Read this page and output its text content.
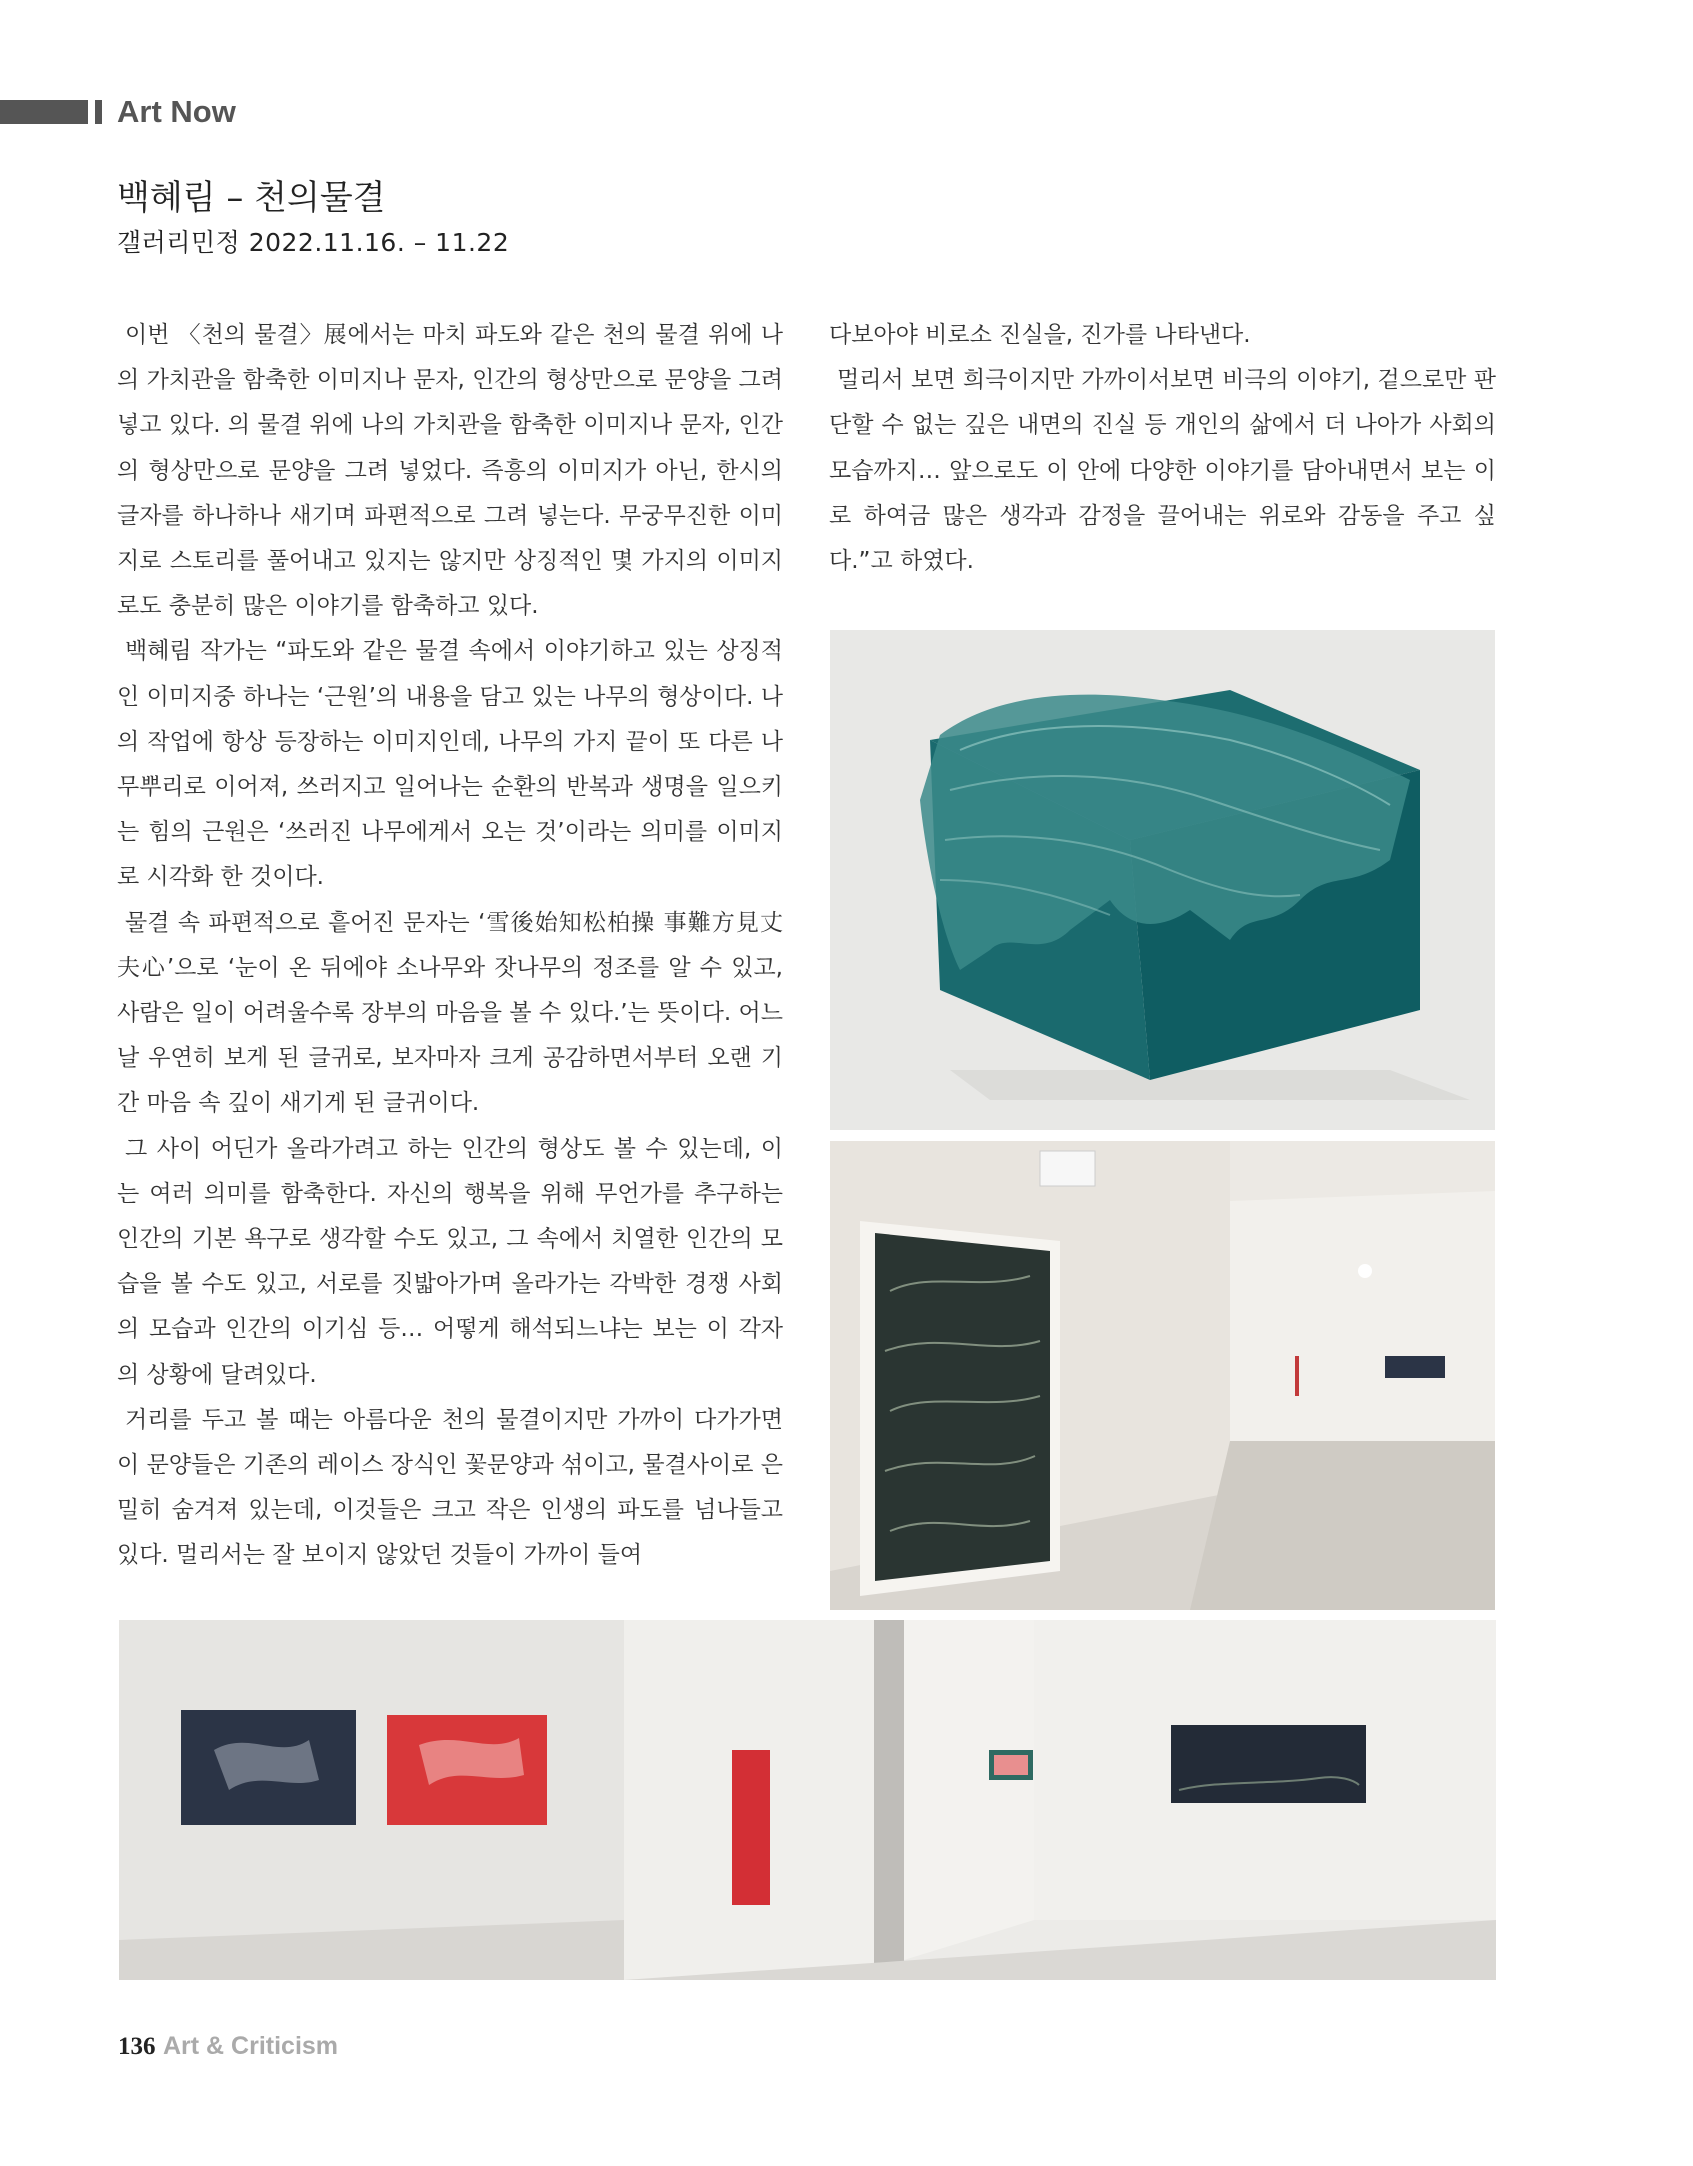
Art Now
백혜림 – 천의물결
갤러리민정 2022.11.16. – 11.22

이번 〈천의 물결〉展에서는 마치 파도와 같은 천의 물결 위에 나의 가치관을 함축한 이미지나 문자, 인간의 형상만으로 문양을 그려 넣고 있다. 의 물결 위에 나의 가치관을 함축한 이미지나 문자, 인간의 형상만으로 문양을 그려 넣었다. 즉흥의 이미지가 아닌, 한시의 글자를 하나하나 새기며 파편적으로 그려 넣는다. 무궁무진한 이미지로 스토리를 풀어내고 있지는 않지만 상징적인 몇 가지의 이미지로도 충분히 많은 이야기를 함축하고 있다.

백혜림 작가는 “파도와 같은 물결 속에서 이야기하고 있는 상징적인 이미지중 하나는 ‘근원’의 내용을 담고 있는 나무의 형상이다. 나의 작업에 항상 등장하는 이미지인데, 나무의 가지 끝이 또 다른 나무뿌리로 이어져, 쓰러지고 일어나는 순환의 반복과 생명을 일으키는 힘의 근원은 ‘쓰러진 나무에게서 오는 것’이라는 의미를 이미지로 시각화 한 것이다.

물결 속 파편적으로 흩어진 문자는 ‘雪後始知松柏操 事難方見丈夫心’으로 ‘눈이 온 뒤에야 소나무와 잣나무의 정조를 알 수 있고, 사람은 일이 어려울수록 장부의 마음을 볼 수 있다.’는 뜻이다. 어느 날 우연히 보게 된 글귀로, 보자마자 크게 공감하면서부터 오랜 기간 마음 속 깊이 새기게 된 글귀이다.

그 사이 어딘가 올라가려고 하는 인간의 형상도 볼 수 있는데, 이는 여러 의미를 함축한다. 자신의 행복을 위해 무언가를 추구하는 인간의 기본 욕구로 생각할 수도 있고, 그 속에서 치열한 인간의 모습을 볼 수도 있고, 서로를 짓밟아가며 올라가는 각박한 경쟁 사회의 모습과 인간의 이기심 등… 어떻게 해석되느냐는 보는 이 각자의 상황에 달려있다.

거리를 두고 볼 때는 아름다운 천의 물결이지만 가까이 다가가면 이 문양들은 기존의 레이스 장식인 꽃문양과 섞이고, 물결사이로 은밀히 숨겨져 있는데, 이것들은 크고 작은 인생의 파도를 넘나들고 있다. 멀리서는 잘 보이지 않았던 것들이 가까이 들여

다보아야 비로소 진실을, 진가를 나타낸다.

멀리서 보면 희극이지만 가까이서보면 비극의 이야기, 겉으로만 판단할 수 없는 깊은 내면의 진실 등 개인의 삶에서 더 나아가 사회의 모습까지… 앞으로도 이 안에 다양한 이야기를 담아내면서 보는 이로 하여금 많은 생각과 감정을 끌어내는 위로와 감동을 주고 싶다.”고 하였다.

136 Art & Criticism
